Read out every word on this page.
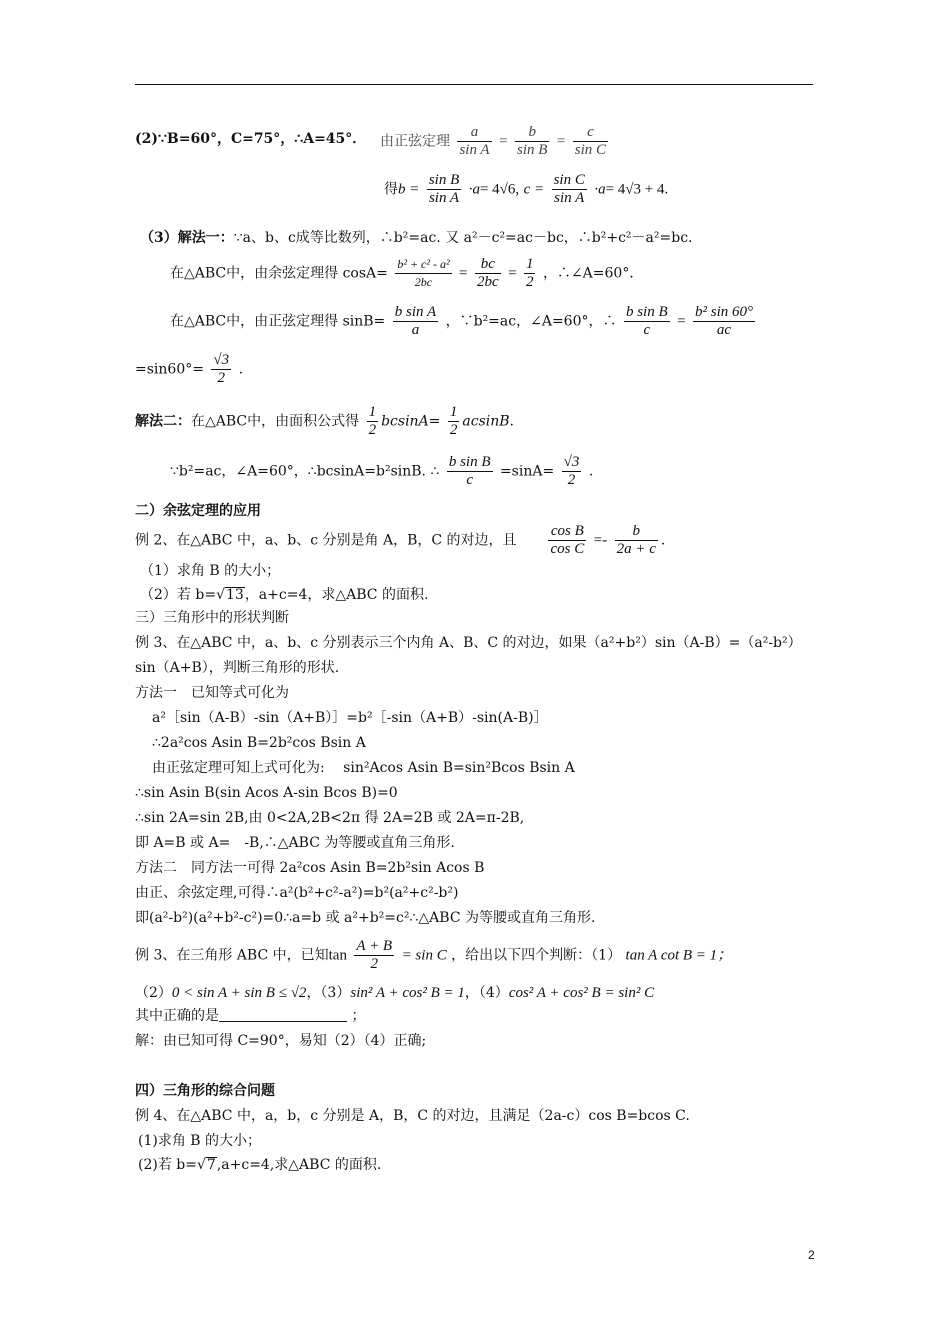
(2)∵B=60°，C=75°，∴A=45°． 由正弦定理 $\frac{a}{\text{sin A}} = \frac{b}{\text{sin B}} = \frac{c}{\text{sin C}}$
得$b = \frac{\text{sin B}}{\text{sin A}} \cdot a= 4√6$, $c = \frac{\text{sin C}}{\text{sin A}} \cdot a= 4√3 + 4$.
（3）解法一：∵a、b、c成等比数列，∴b²=ac. 又 a²－c²=ac－bc，∴b²+c²－a²=bc.
在△ABC中，由余弦定理得 $\cos A= \frac{\text{b² + c² - a²}}{2bc} = \frac{bc}{2bc} = \frac{1}{2}$ ，∴∠A=60°．
在△ABC中，由正弦定理得 $\sin B= \frac{\text{b sin A}}{a}$ ，∵b²=ac，∠A=60°，∴ $\frac{\text{b sin B}}{c} = \frac{\text{b² sin 60°}}{ac}$
$=\sin 60^\circ= \frac{√3}{2}$ .
解法二：在△ABC中，由面积公式得 $\frac{1}{2} bcsinA= \frac{1}{2} acsinB$.
∵b²=ac，∠A=60°，∴bcsinA=b²sinB. ∴ $\frac{\text{b sin B}}{c} =\sin A= \frac{√3}{2}$ .
二）余弦定理的应用
例 2、在△ABC 中，a、b、c 分别是角 A，B，C 的对边，且 $\frac{\text{cos B}}{\text{cos C}} =- \frac{b}{2a + c}$ .
（1）求角 B 的大小；
（2）若 b=√13，a+c=4，求△ABC 的面积.
三）三角形中的形状判断
例 3、在△ABC 中，a、b、c 分别表示三个内角 A、B、C 的对边，如果（a²+b²）sin（A-B）=（a²-b²）
sin（A+B），判断三角形的形状.
方法一　已知等式可化为
a²［sin（A-B）-sin（A+B）］=b²［-sin（A+B）-sin(A-B)］
∴2a²cos Asin B=2b²cos Bsin A
由正弦定理可知上式可化为:　 sin²Acos Asin B=sin²Bcos Bsin A
∴sin Asin B(sin Acos A-sin Bcos B)=0
∴sin 2A=sin 2B,由 0<2A,2B<2π 得 2A=2B 或 2A=π-2B,
即 A=B 或 A=　-B,∴△ABC 为等腰或直角三角形.
方法二　同方法一可得 2a²cos Asin B=2b²sin Acos B
由正、余弦定理,可得∴a²(b²+c²-a²)=b²(a²+c²-b²)
即(a²-b²)(a²+b²-c²)=0∴a=b 或 a²+b²=c²∴△ABC 为等腰或直角三角形.
例 3、在三角形 ABC 中，已知$\tan \frac{A + B}{2} = \sin C$ ，给出以下四个判断：（1） tan A cot B = 1；
（2）0 < sin A + sin B ≤ √2，（3）sin² A + cos² B = 1，（4）cos² A + cos² B = sin² C
其中正确的是	；
解：由已知可得 C=90°，易知（2）（4）正确;
四）三角形的综合问题
例 4、在△ABC 中，a，b，c 分别是 A，B，C 的对边，且满足（2a-c）cos B=bcos C.
(1)求角 B 的大小；
(2)若 b=√7,a+c=4,求△ABC 的面积.
2
